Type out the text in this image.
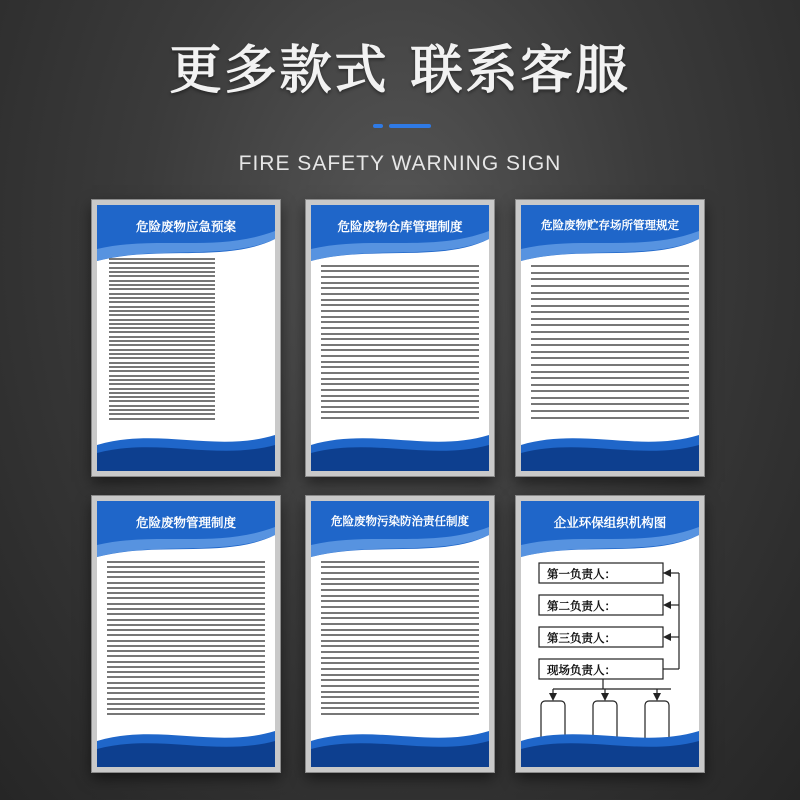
更多款式 联系客服
FIRE SAFETY WARNING SIGN
危险废物应急预案	危险废物仓库管理制度	危险废物贮存场所管理规定
危险废物管理制度	危险废物污染防治责任制度	企业环保组织机构图
第一负责人：
第二负责人：
第三负责人：
现场负责人：
